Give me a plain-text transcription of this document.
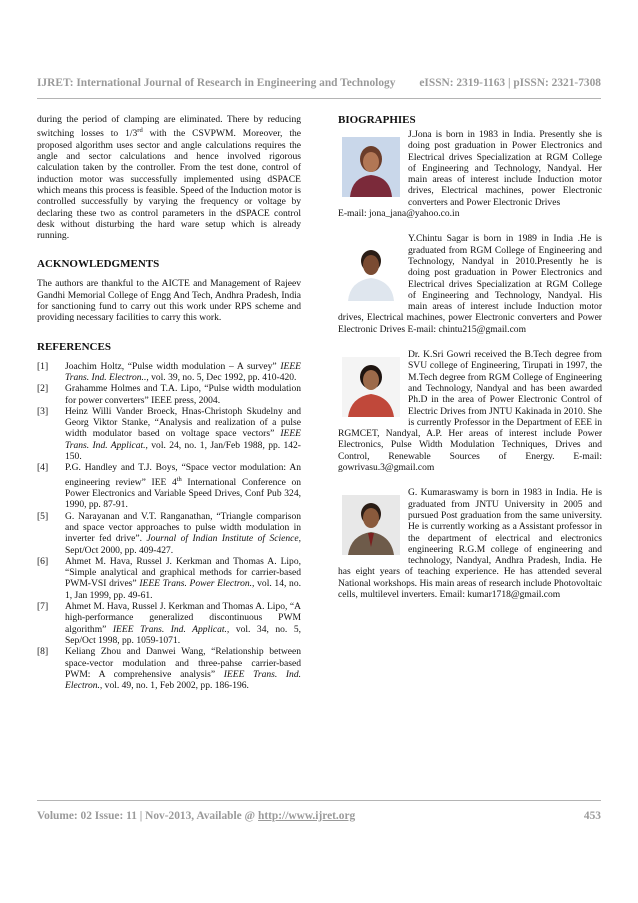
IJRET: International Journal of Research in Engineering and Technology eISSN: 2319-1163 | pISSN: 2321-7308

during the period of clamping are eliminated. There by reducing switching losses to 1/3rd with the CSVPWM. Moreover, the proposed algorithm uses sector and angle calculations requires the angle and sector calculations and hence involved rigorous calculation taken by the controller. From the test done, control of induction motor was successfully implemented using dSPACE which means this process is feasible. Speed of the Induction motor is controlled successfully by varying the frequency or voltage by declaring these two as control parameters in the dSPACE control desk without disturbing the hard ware setup which is already running.

ACKNOWLEDGMENTS

The authors are thankful to the AICTE and Management of Rajeev Gandhi Memorial College of Engg And Tech, Andhra Pradesh, India for sanctioning fund to carry out this work under RPS scheme and providing necessary facilities to carry this work.

REFERENCES
[1]	Joachim Holtz, “Pulse width modulation – A survey” IEEE Trans. Ind. Electron.., vol. 39, no. 5, Dec 1992, pp. 410-420.
[2]	Grahamme Holmes and T.A. Lipo, “Pulse width modulation for power converters” IEEE press, 2004.
[3]	Heinz Willi Vander Broeck, Hnas-Christoph Skudelny and Georg Viktor Stanke, “Analysis and realization of a pulse width modulator based on voltage space vectors” IEEE Trans. Ind. Applicat., vol. 24, no. 1, Jan/Feb 1988, pp. 142-150.
[4]	P.G. Handley and T.J. Boys, “Space vector modulation: An engineering review” IEE 4th International Conference on Power Electronics and Variable Speed Drives, Conf Pub 324, 1990, pp. 87-91.
[5]	G. Narayanan and V.T. Ranganathan, “Triangle comparison and space vector approaches to pulse width modulation in inverter fed drive”. Journal of Indian Institute of Science, Sept/Oct 2000, pp. 409-427.
[6]	Ahmet M. Hava, Russel J. Kerkman and Thomas A. Lipo, “Simple analytical and graphical methods for carrier-based PWM-VSI drives” IEEE Trans. Power Electron., vol. 14, no. 1, Jan 1999, pp. 49-61.
[7]	Ahmet M. Hava, Russel J. Kerkman and Thomas A. Lipo, “A high-performance generalized discontinuous PWM algorithm” IEEE Trans. Ind. Applicat., vol. 34, no. 5, Sep/Oct 1998, pp. 1059-1071.
[8]	Keliang Zhou and Danwei Wang, “Relationship between space-vector modulation and three-pahse carrier-based PWM: A comprehensive analysis” IEEE Trans. Ind. Electron., vol. 49, no. 1, Feb 2002, pp. 186-196.
BIOGRAPHIES

J.Jona is born in 1983 in India. Presently she is doing post graduation in Power Electronics and Electrical drives Specialization at RGM College of Engineering and Technology, Nandyal. Her main areas of interest include Induction motor drives, Electrical machines, power Electronic converters and Power Electronic Drives

E-mail: jona_jana@yahoo.co.in

Y.Chintu Sagar is born in 1989 in India .He is graduated from RGM College of Engineering and Technology, Nandyal in 2010.Presently he is doing post graduation in Power Electronics and Electrical drives Specialization at RGM College of Engineering and Technology, Nandyal. His main areas of interest include Induction motor drives, Electrical machines, power Electronic converters and Power Electronic Drives E-mail: chintu215@gmail.com

Dr. K.Sri Gowri received the B.Tech degree from SVU college of Engineering, Tirupati in 1997, the M.Tech degree from RGM College of Engineering and Technology, Nandyal and has been awarded Ph.D in the area of Power Electronic Control of Electric Drives from JNTU Kakinada in 2010. She is currently Professor in the Department of EEE in RGMCET, Nandyal, A.P. Her areas of interest include Power Electronics, Pulse Width Modulation Techniques, Drives and Control, Renewable Sources of Energy. E-mail: gowrivasu.3@gmail.com

G. Kumaraswamy is born in 1983 in India. He is graduated from JNTU University in 2005 and pursued Post graduation from the same university. He is currently working as a Assistant professor in the department of electrical and electronics engineering R.G.M college of engineering and technology, Nandyal, Andhra Pradesh, India. He has eight years of teaching experience. He has attended several National workshops. His main areas of research include Photovoltaic cells, multilevel inverters. Email: kumar1718@gmail.com

Volume: 02 Issue: 11 | Nov-2013, Available @ http://www.ijret.org	453
